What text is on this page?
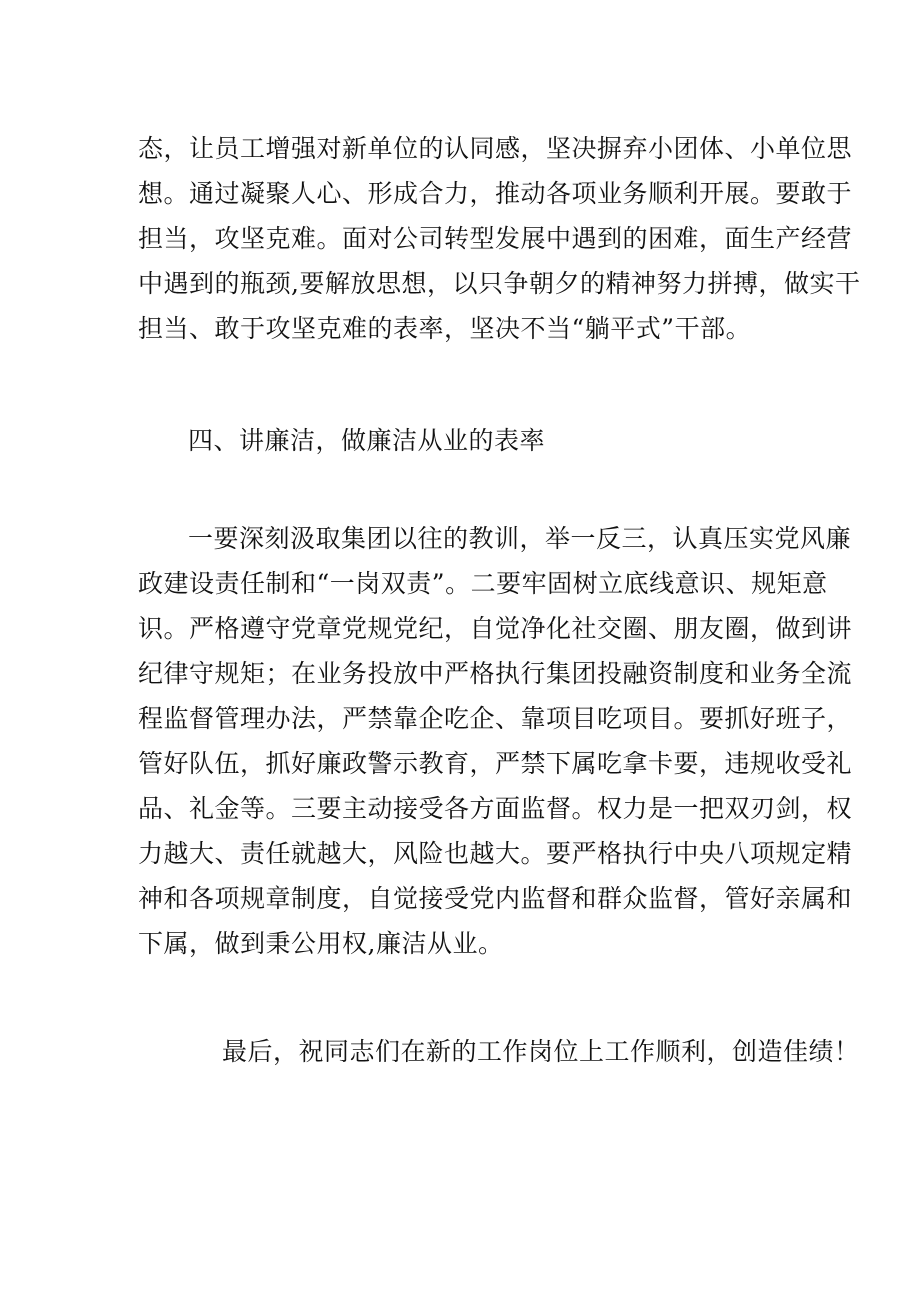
态，让员工增强对新单位的认同感，坚决摒弃小团体、小单位思
想。通过凝聚人心、形成合力，推动各项业务顺利开展。要敢于
担当，攻坚克难。面对公司转型发展中遇到的困难，面生产经营
中遇到的瓶颈,要解放思想，以只争朝夕的精神努力拼搏，做实干
担当、敢于攻坚克难的表率，坚决不当“躺平式”干部。

四、讲廉洁，做廉洁从业的表率

一要深刻汲取集团以往的教训，举一反三，认真压实党风廉
政建设责任制和“一岗双责”。二要牢固树立底线意识、规矩意
识。严格遵守党章党规党纪，自觉净化社交圈、朋友圈，做到讲
纪律守规矩；在业务投放中严格执行集团投融资制度和业务全流
程监督管理办法，严禁靠企吃企、靠项目吃项目。要抓好班子，
管好队伍，抓好廉政警示教育，严禁下属吃拿卡要，违规收受礼
品、礼金等。三要主动接受各方面监督。权力是一把双刃剑，权
力越大、责任就越大，风险也越大。要严格执行中央八项规定精
神和各项规章制度，自觉接受党内监督和群众监督，管好亲属和
下属，做到秉公用权,廉洁从业。

最后，祝同志们在新的工作岗位上工作顺利，创造佳绩！
